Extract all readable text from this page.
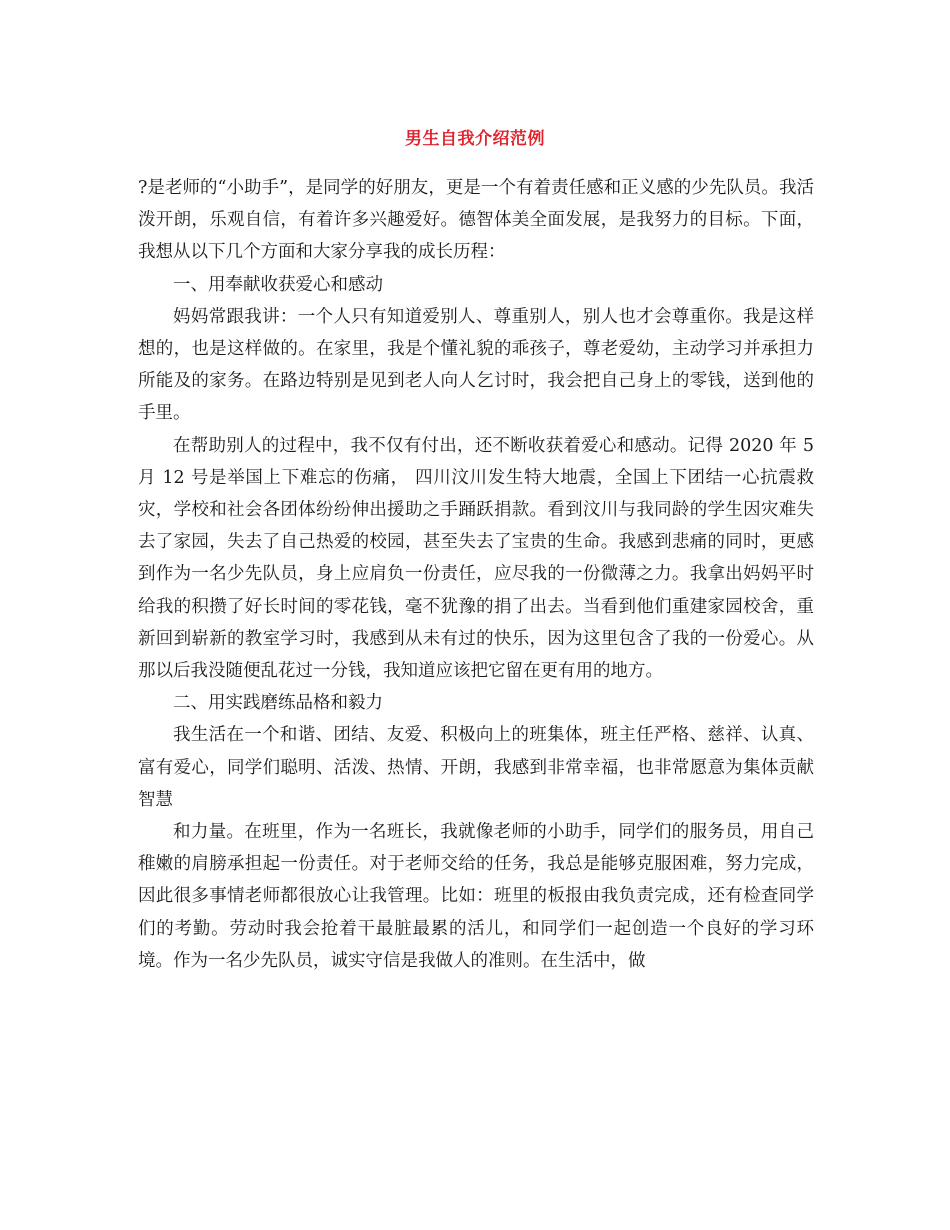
男生自我介绍范例

?是老师的“小助手”，是同学的好朋友，更是一个有着责任感和正义感的少先队员。我活泼开朗，乐观自信，有着许多兴趣爱好。德智体美全面发展，是我努力的目标。下面，我想从以下几个方面和大家分享我的成长历程：

一、用奉献收获爱心和感动

妈妈常跟我讲：一个人只有知道爱别人、尊重别人，别人也才会尊重你。我是这样想的，也是这样做的。在家里，我是个懂礼貌的乖孩子，尊老爱幼，主动学习并承担力所能及的家务。在路边特别是见到老人向人乞讨时，我会把自己身上的零钱，送到他的手里。

在帮助别人的过程中，我不仅有付出，还不断收获着爱心和感动。记得 2020 年 5 月 12 号是举国上下难忘的伤痛， 四川汶川发生特大地震，全国上下团结一心抗震救灾，学校和社会各团体纷纷伸出援助之手踊跃捐款。看到汶川与我同龄的学生因灾难失去了家园，失去了自己热爱的校园，甚至失去了宝贵的生命。我感到悲痛的同时，更感到作为一名少先队员，身上应肩负一份责任，应尽我的一份微薄之力。我拿出妈妈平时给我的积攒了好长时间的零花钱，毫不犹豫的捐了出去。当看到他们重建家园校舍，重新回到崭新的教室学习时，我感到从未有过的快乐，因为这里包含了我的一份爱心。从那以后我没随便乱花过一分钱，我知道应该把它留在更有用的地方。

二、用实践磨练品格和毅力

我生活在一个和谐、团结、友爱、积极向上的班集体，班主任严格、慈祥、认真、富有爱心，同学们聪明、活泼、热情、开朗，我感到非常幸福，也非常愿意为集体贡献智慧

和力量。在班里，作为一名班长，我就像老师的小助手，同学们的服务员，用自己稚嫩的肩膀承担起一份责任。对于老师交给的任务，我总是能够克服困难，努力完成，因此很多事情老师都很放心让我管理。比如：班里的板报由我负责完成，还有检查同学们的考勤。劳动时我会抢着干最脏最累的活儿，和同学们一起创造一个良好的学习环境。作为一名少先队员，诚实守信是我做人的准则。在生活中，做
